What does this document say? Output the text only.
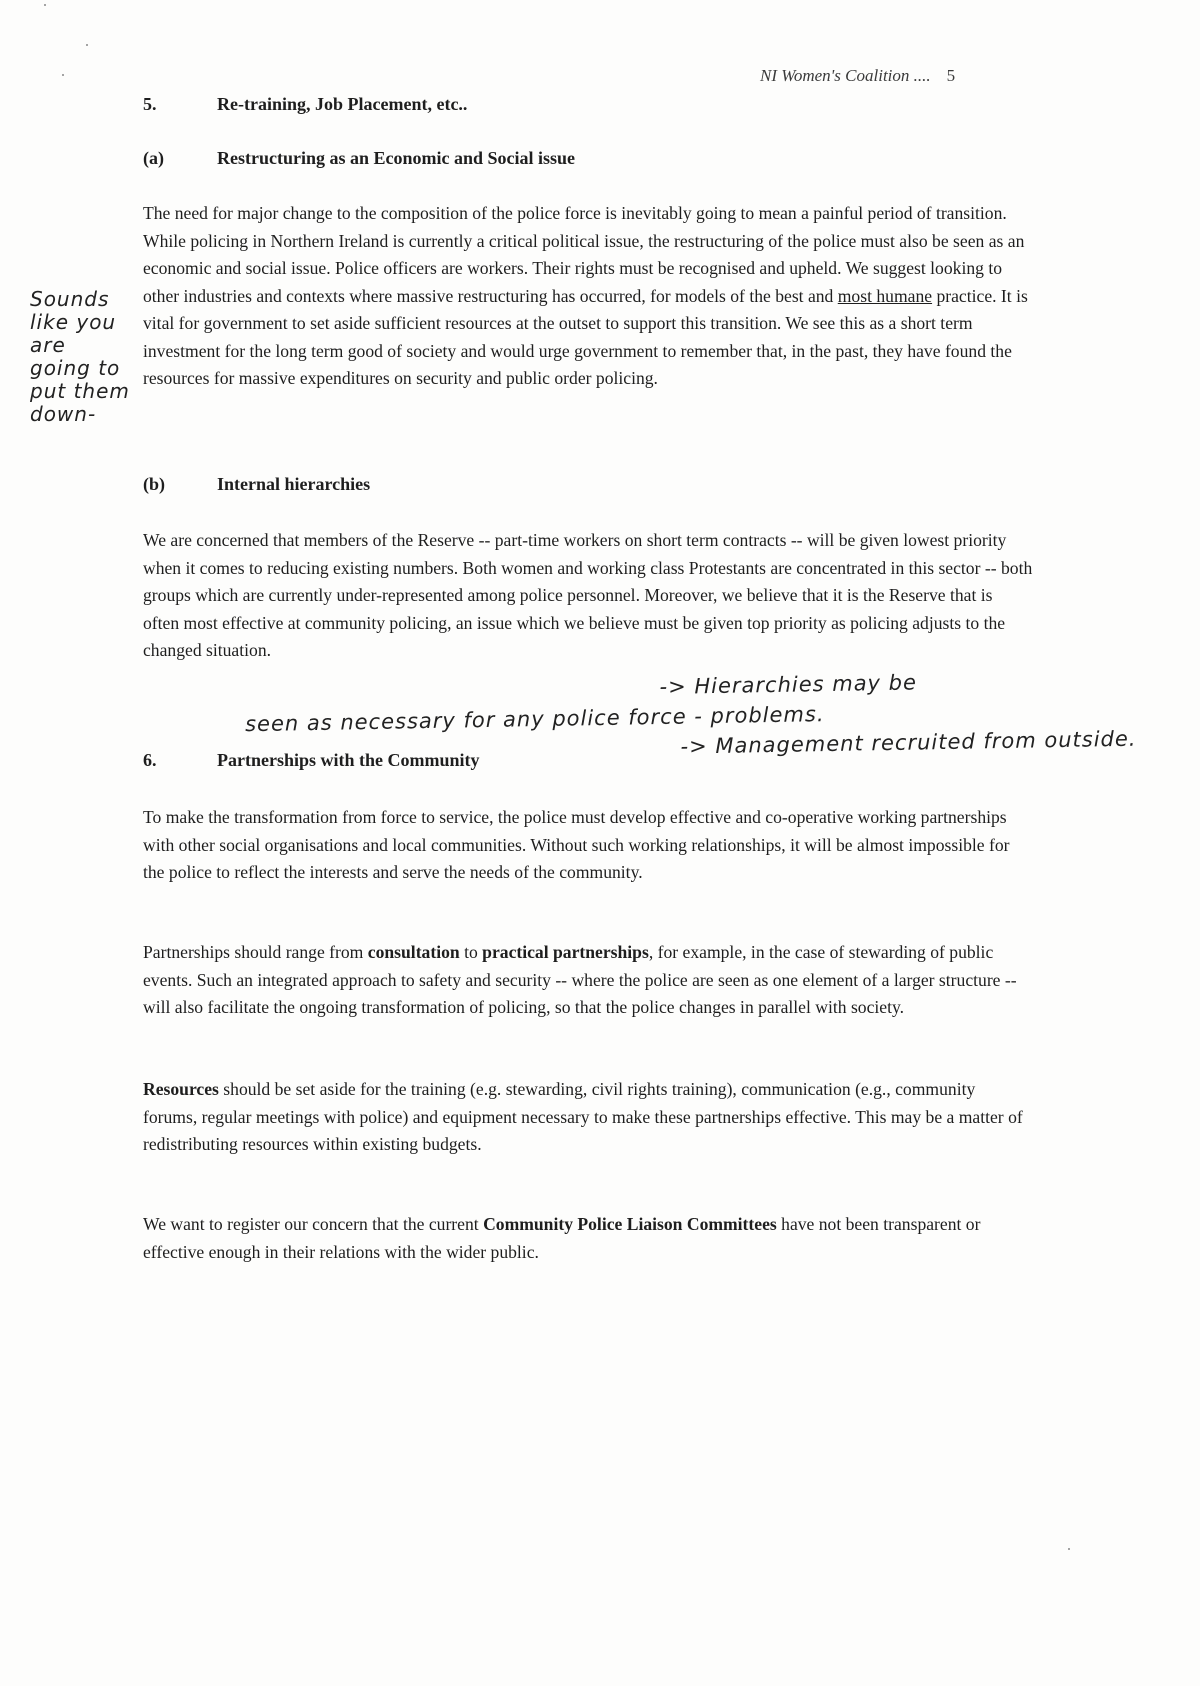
NI Women's Coalition .... 5
5.	Re-training, Job Placement, etc..
(a)	Restructuring as an Economic and Social issue

The need for major change to the composition of the police force is inevitably going to mean a painful period of transition. While policing in Northern Ireland is currently a critical political issue, the restructuring of the police must also be seen as an economic and social issue. Police officers are workers. Their rights must be recognised and upheld. We suggest looking to other industries and contexts where massive restructuring has occurred, for models of the best and most humane practice. It is vital for government to set aside sufficient resources at the outset to support this transition. We see this as a short term investment for the long term good of society and would urge government to remember that, in the past, they have found the resources for massive expenditures on security and public order policing.

(b)	Internal hierarchies

We are concerned that members of the Reserve -- part-time workers on short term contracts -- will be given lowest priority when it comes to reducing existing numbers. Both women and working class Protestants are concentrated in this sector -- both groups which are currently under-represented among police personnel. Moreover, we believe that it is the Reserve that is often most effective at community policing, an issue which we believe must be given top priority as policing adjusts to the changed situation.

6.	Partnerships with the Community

To make the transformation from force to service, the police must develop effective and co-operative working partnerships with other social organisations and local communities. Without such working relationships, it will be almost impossible for the police to reflect the interests and serve the needs of the community.

Partnerships should range from consultation to practical partnerships, for example, in the case of stewarding of public events. Such an integrated approach to safety and security -- where the police are seen as one element of a larger structure -- will also facilitate the ongoing transformation of policing, so that the police changes in parallel with society.

Resources should be set aside for the training (e.g. stewarding, civil rights training), communication (e.g., community forums, regular meetings with police) and equipment necessary to make these partnerships effective. This may be a matter of redistributing resources within existing budgets.

We want to register our concern that the current Community Police Liaison Committees have not been transparent or effective enough in their relations with the wider public.

Sounds like you are going to put them down-
-> Hierarchies may be
seen as necessary for any police force - problems.
-> Management recruited from outside.
